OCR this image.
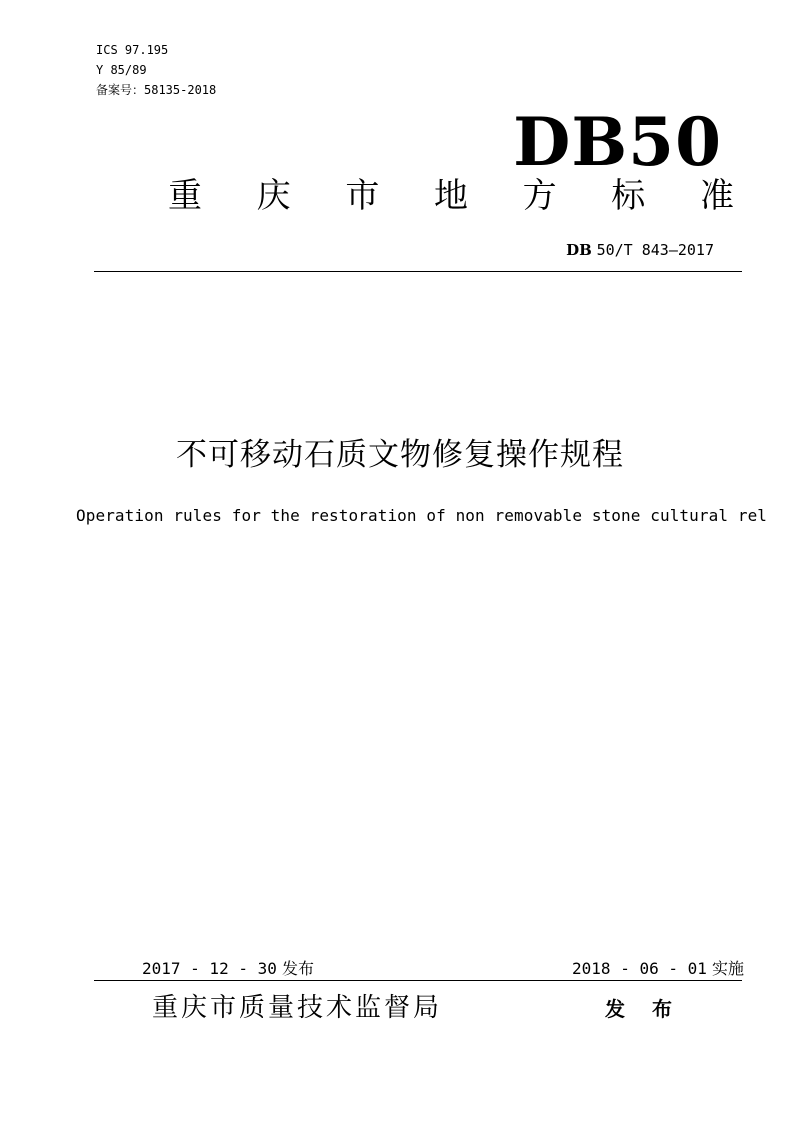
ICS 97.195
Y 85/89
备案号：58135-2018
DB50
重 庆 市 地 方 标 准
DB 50/T 843—2017
不可移动石质文物修复操作规程
Operation rules for the restoration of non removable stone cultural rel
2017 - 12 - 30 发布	2018 - 06 - 01 实施
重庆市质量技术监督局	发 布
